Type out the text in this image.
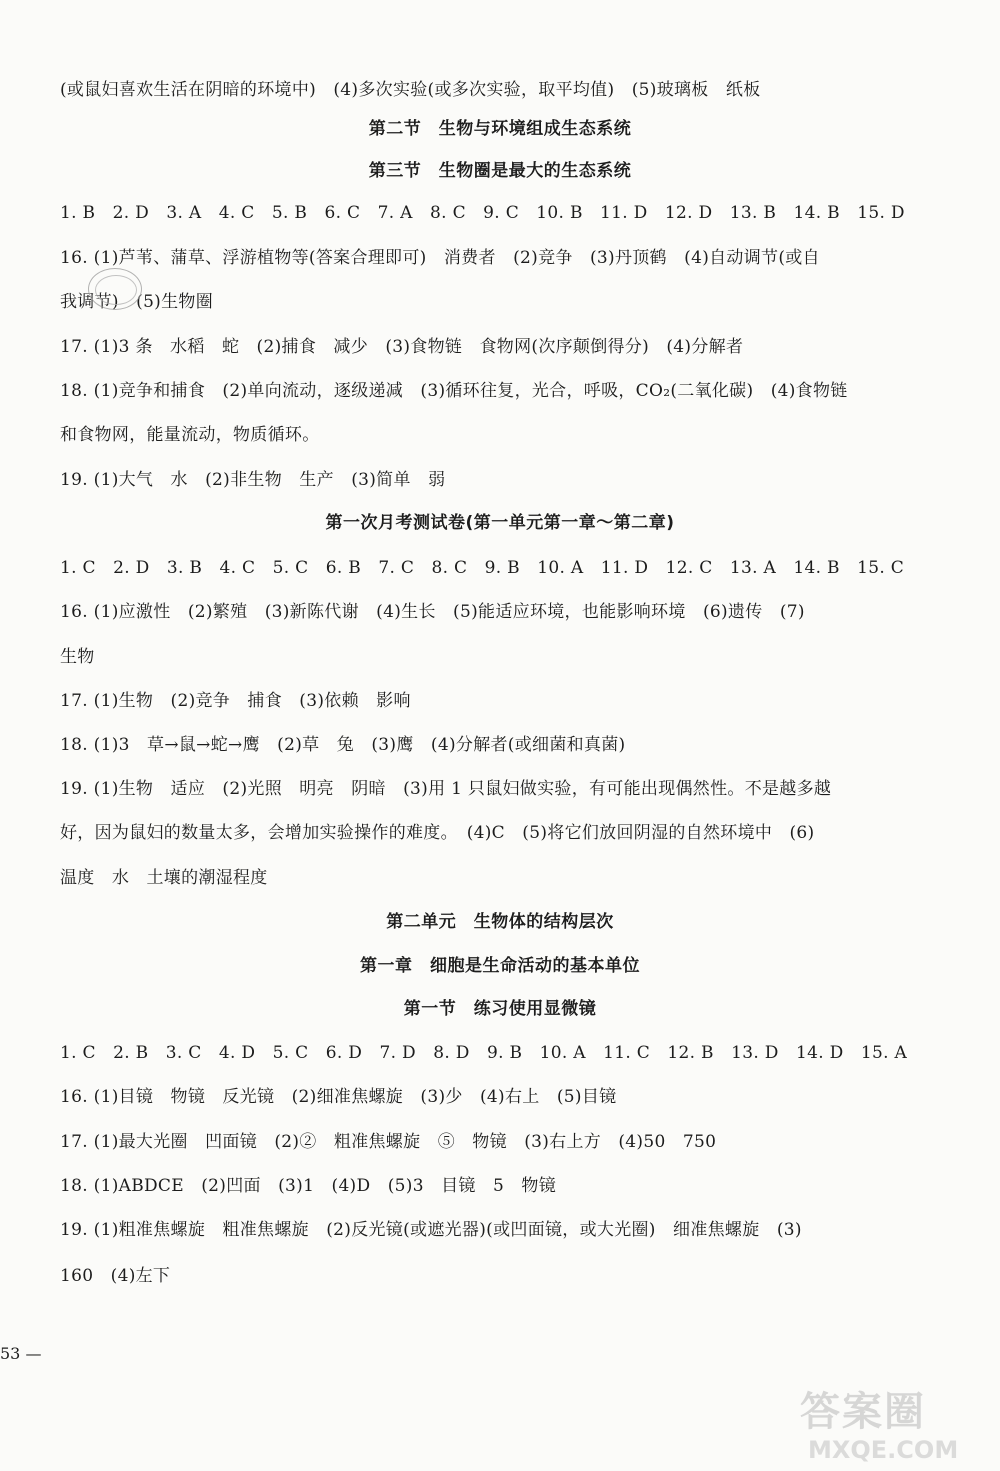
(或鼠妇喜欢生活在阴暗的环境中)　(4)多次实验(或多次实验，取平均值)　(5)玻璃板　纸板
第二节　生物与环境组成生态系统
第三节　生物圈是最大的生态系统
1. B　2. D　3. A　4. C　5. B　6. C　7. A　8. C　9. C　10. B　11. D　12. D　13. B　14. B　15. D
16. (1)芦苇、蒲草、浮游植物等(答案合理即可)　消费者　(2)竞争　(3)丹顶鹤　(4)自动调节(或自
我调节)　(5)生物圈
17. (1)3 条　水稻　蛇　(2)捕食　减少　(3)食物链　食物网(次序颠倒得分)　(4)分解者
18. (1)竞争和捕食　(2)单向流动，逐级递减　(3)循环往复，光合，呼吸，CO₂(二氧化碳)　(4)食物链
和食物网，能量流动，物质循环。
19. (1)大气　水　(2)非生物　生产　(3)简单　弱
第一次月考测试卷(第一单元第一章～第二章)
1. C　2. D　3. B　4. C　5. C　6. B　7. C　8. C　9. B　10. A　11. D　12. C　13. A　14. B　15. C
16. (1)应激性　(2)繁殖　(3)新陈代谢　(4)生长　(5)能适应环境，也能影响环境　(6)遗传　(7)
生物
17. (1)生物　(2)竞争　捕食　(3)依赖　影响
18. (1)3　草→鼠→蛇→鹰　(2)草　兔　(3)鹰　(4)分解者(或细菌和真菌)
19. (1)生物　适应　(2)光照　明亮　阴暗　(3)用 1 只鼠妇做实验，有可能出现偶然性。不是越多越
好，因为鼠妇的数量太多，会增加实验操作的难度。　(4)C　(5)将它们放回阴湿的自然环境中　(6)
温度　水　土壤的潮湿程度
第二单元　生物体的结构层次
第一章　细胞是生命活动的基本单位
第一节　练习使用显微镜
1. C　2. B　3. C　4. D　5. C　6. D　7. D　8. D　9. B　10. A　11. C　12. B　13. D　14. D　15. A
16. (1)目镜　物镜　反光镜　(2)细准焦螺旋　(3)少　(4)右上　(5)目镜
17. (1)最大光圈　凹面镜　(2)②　粗准焦螺旋　⑤　物镜　(3)右上方　(4)50　750
18. (1)ABDCE　(2)凹面　(3)1　(4)D　(5)3　目镜　5　物镜
19. (1)粗准焦螺旋　粗准焦螺旋　(2)反光镜(或遮光器)(或凹面镜，或大光圈)　细准焦螺旋　(3)
160　(4)左下
53 —
答案圈
MXQE.COM
